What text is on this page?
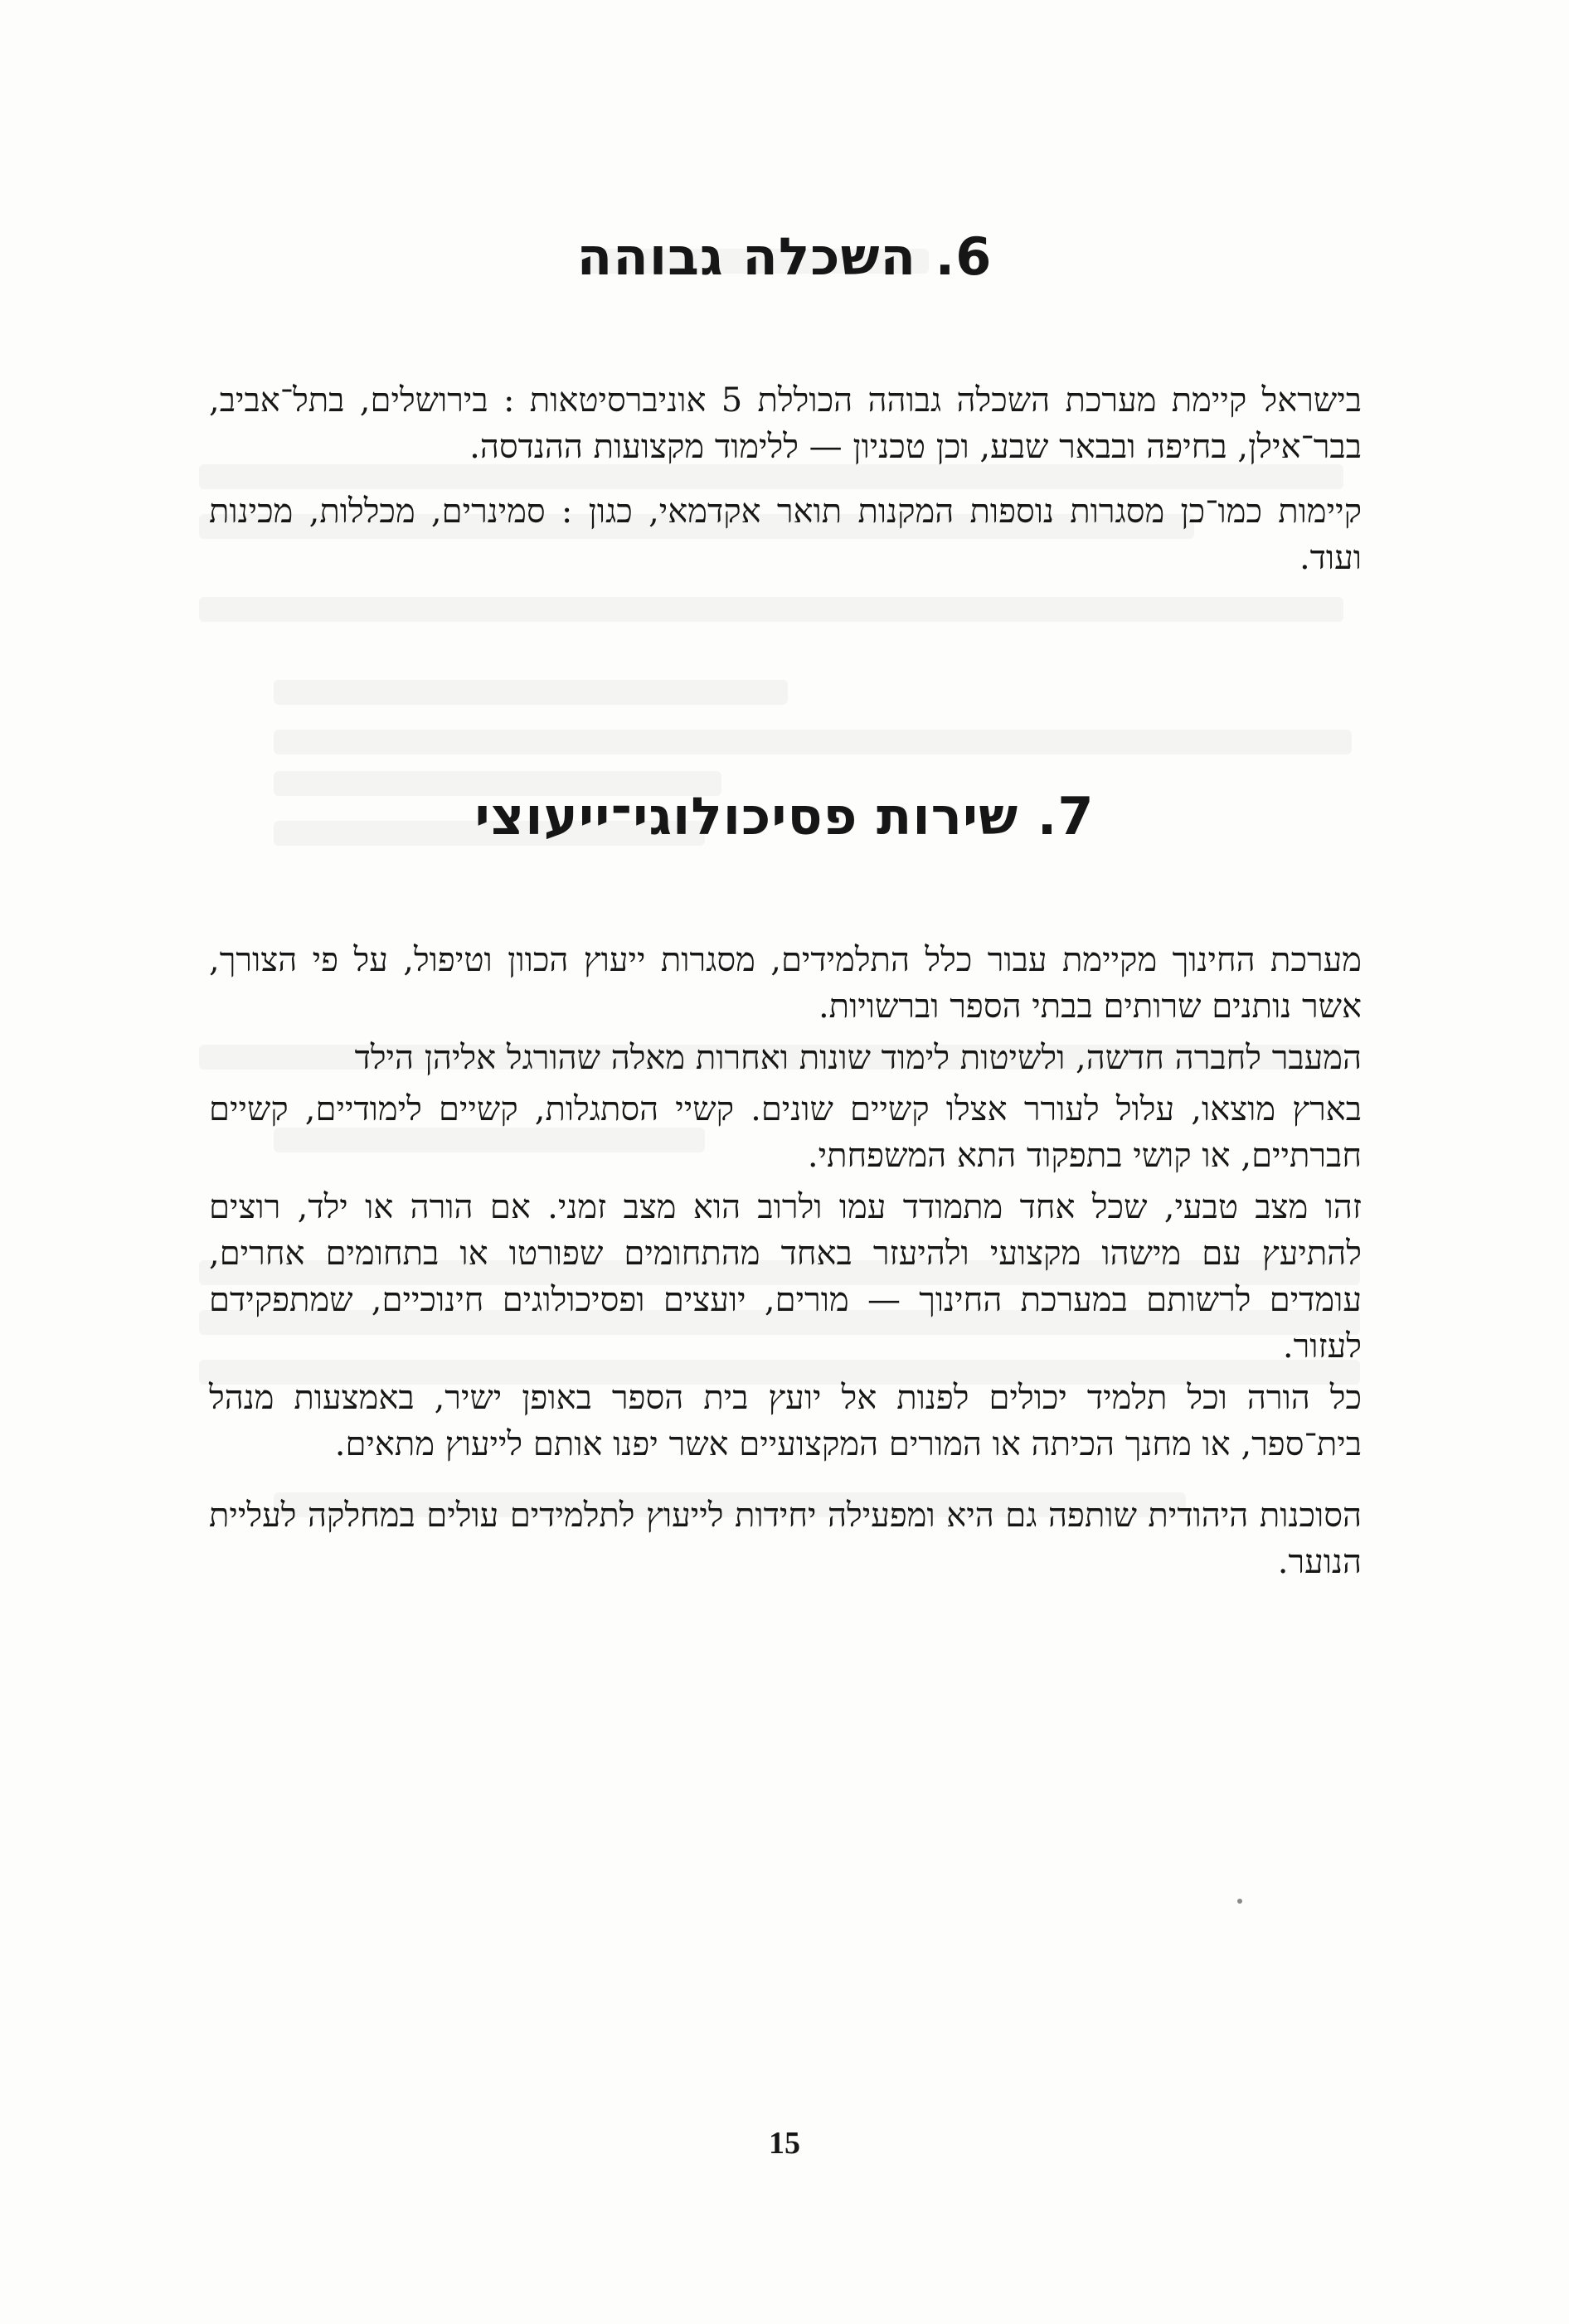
6. השכלה גבוהה

בישראל קיימת מערכת השכלה גבוהה הכוללת 5 אוניברסיטאות : בירושלים, בתל־אביב, בבר־אילן, בחיפה ובבאר שבע, וכן טכניון — ללימוד מקצועות ההנדסה.

קיימות כמו־כן מסגרות נוספות המקנות תואר אקדמאי, כגון : סמינרים, מכללות, מכינות ועוד.

7. שירות פסיכולוגי־ייעוצי

מערכת החינוך מקיימת עבור כלל התלמידים, מסגרות ייעוץ הכוון וטיפול, על פי הצורך, אשר נותנים שרותים בבתי הספר וברשויות.

המעבר לחברה חדשה, ולשיטות לימוד שונות ואחרות מאלה שהורגל אליהן הילד

בארץ מוצאו, עלול לעורר אצלו קשיים שונים. קשיי הסתגלות, קשיים לימודיים, קשיים חברתיים, או קושי בתפקוד התא המשפחתי.

זהו מצב טבעי, שכל אחד מתמודד עמו ולרוב הוא מצב זמני. אם הורה או ילד, רוצים להתיעץ עם מישהו מקצועי ולהיעזר באחד מהתחומים שפורטו או בתחומים אחרים, עומדים לרשותם במערכת החינוך — מורים, יועצים ופסיכולוגים חינוכיים, שמתפקידם לעזור.

כל הורה וכל תלמיד יכולים לפנות אל יועץ בית הספר באופן ישיר, באמצעות מנהל בית־ספר, או מחנך הכיתה או המורים המקצועיים אשר יפנו אותם לייעוץ מתאים.

הסוכנות היהודית שותפה גם היא ומפעילה יחידות לייעוץ לתלמידים עולים במחלקה לעליית הנוער.

15
